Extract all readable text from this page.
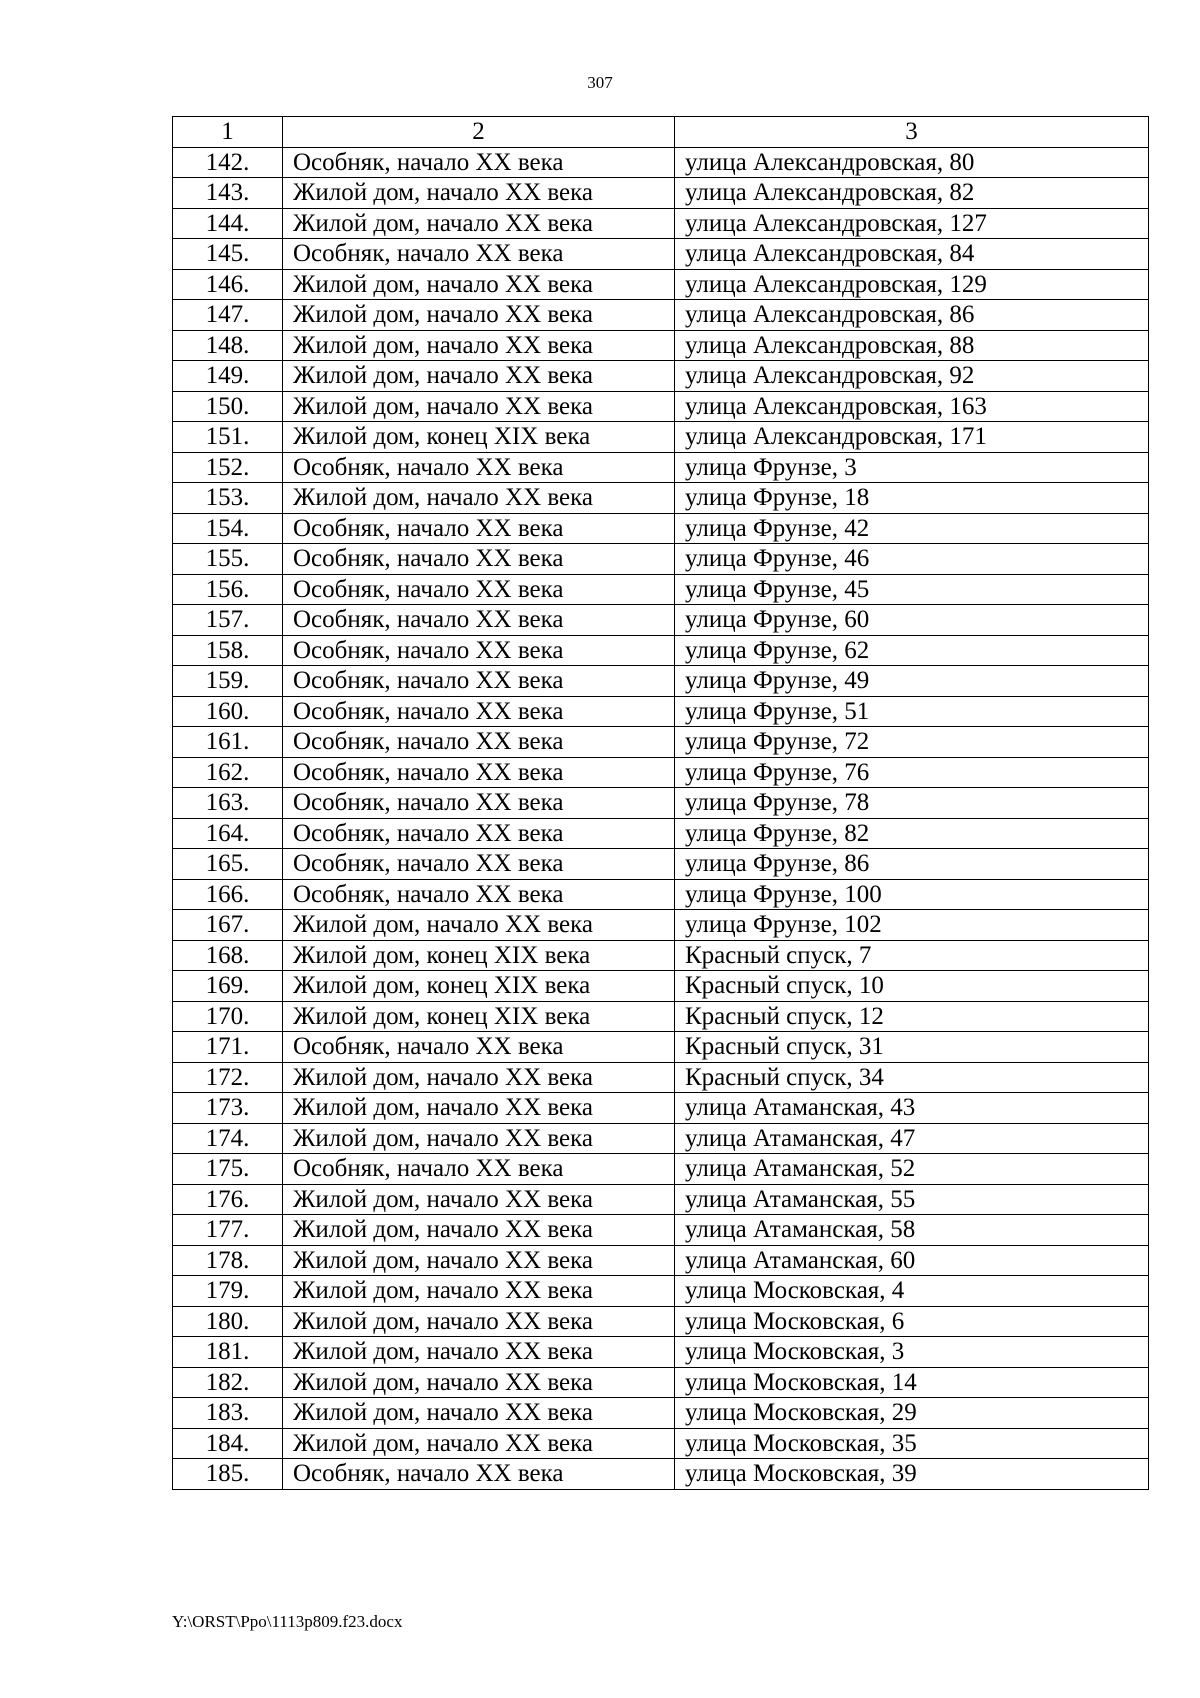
307
1	2	3
142.	Особняк, начало XX века	улица Александровская, 80
143.	Жилой дом, начало XX века	улица Александровская, 82
144.	Жилой дом, начало XX века	улица Александровская, 127
145.	Особняк, начало XX века	улица Александровская, 84
146.	Жилой дом, начало XX века	улица Александровская, 129
147.	Жилой дом, начало XX века	улица Александровская, 86
148.	Жилой дом, начало XX века	улица Александровская, 88
149.	Жилой дом, начало XX века	улица Александровская, 92
150.	Жилой дом, начало XX века	улица Александровская, 163
151.	Жилой дом, конец XIX века	улица Александровская, 171
152.	Особняк, начало XX века	улица Фрунзе, 3
153.	Жилой дом, начало XX века	улица Фрунзе, 18
154.	Особняк, начало XX века	улица Фрунзе, 42
155.	Особняк, начало XX века	улица Фрунзе, 46
156.	Особняк, начало XX века	улица Фрунзе, 45
157.	Особняк, начало XX века	улица Фрунзе, 60
158.	Особняк, начало XX века	улица Фрунзе, 62
159.	Особняк, начало XX века	улица Фрунзе, 49
160.	Особняк, начало XX века	улица Фрунзе, 51
161.	Особняк, начало XX века	улица Фрунзе, 72
162.	Особняк, начало XX века	улица Фрунзе, 76
163.	Особняк, начало XX века	улица Фрунзе, 78
164.	Особняк, начало XX века	улица Фрунзе, 82
165.	Особняк, начало XX века	улица Фрунзе, 86
166.	Особняк, начало XX века	улица Фрунзе, 100
167.	Жилой дом, начало XX века	улица Фрунзе, 102
168.	Жилой дом, конец XIX века	Красный спуск, 7
169.	Жилой дом, конец XIX века	Красный спуск, 10
170.	Жилой дом, конец XIX века	Красный спуск, 12
171.	Особняк, начало XX века	Красный спуск, 31
172.	Жилой дом, начало XX века	Красный спуск, 34
173.	Жилой дом, начало XX века	улица Атаманская, 43
174.	Жилой дом, начало XX века	улица Атаманская, 47
175.	Особняк, начало XX века	улица Атаманская, 52
176.	Жилой дом, начало XX века	улица Атаманская, 55
177.	Жилой дом, начало XX века	улица Атаманская, 58
178.	Жилой дом, начало XX века	улица Атаманская, 60
179.	Жилой дом, начало XX века	улица Московская, 4
180.	Жилой дом, начало XX века	улица Московская, 6
181.	Жилой дом, начало XX века	улица Московская, 3
182.	Жилой дом, начало XX века	улица Московская, 14
183.	Жилой дом, начало XX века	улица Московская, 29
184.	Жилой дом, начало XX века	улица Московская, 35
185.	Особняк, начало XX века	улица Московская, 39
Y:\ORST\Ppo\1113p809.f23.docx
